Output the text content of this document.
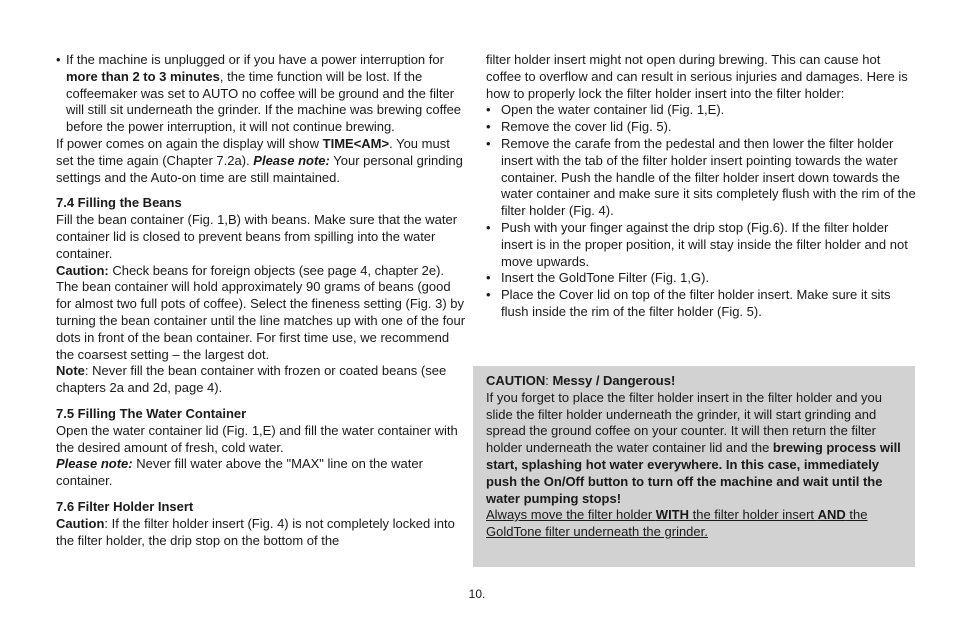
• If the machine is unplugged or if you have a power interruption for more than 2 to 3 minutes, the time function will be lost. If the coffeemaker was set to AUTO no coffee will be ground and the filter will still sit underneath the grinder. If the machine was brewing coffee before the power interruption, it will not continue brewing.

If power comes on again the display will show TIME<AM>. You must set the time again (Chapter 7.2a). Please note: Your personal grinding settings and the Auto-on time are still maintained.

7.4 Filling the Beans

Fill the bean container (Fig. 1,B) with beans. Make sure that the water container lid is closed to prevent beans from spilling into the water container.

Caution: Check beans for foreign objects (see page 4, chapter 2e). The bean container will hold approximately 90 grams of beans (good for almost two full pots of coffee). Select the fineness setting (Fig. 3) by turning the bean container until the line matches up with one of the four dots in front of the bean container. For first time use, we recommend the coarsest setting – the largest dot.

Note: Never fill the bean container with frozen or coated beans (see chapters 2a and 2d, page 4).

7.5 Filling The Water Container

Open the water container lid (Fig. 1,E) and fill the water container with the desired amount of fresh, cold water.

Please note: Never fill water above the "MAX" line on the water container.

7.6 Filter Holder Insert

Caution: If the filter holder insert (Fig. 4) is not completely locked into the filter holder, the drip stop on the bottom of the

filter holder insert might not open during brewing. This can cause hot coffee to overflow and can result in serious injuries and damages. Here is how to properly lock the filter holder insert into the filter holder:

• Open the water container lid (Fig. 1,E).
• Remove the cover lid (Fig. 5).
• Remove the carafe from the pedestal and then lower the filter holder insert with the tab of the filter holder insert pointing towards the water container. Push the handle of the filter holder insert down towards the water container and make sure it sits completely flush with the rim of the filter holder (Fig. 4).
• Push with your finger against the drip stop (Fig.6). If the filter holder insert is in the proper position, it will stay inside the filter holder and not move upwards.
• Insert the GoldTone Filter (Fig. 1,G).
• Place the Cover lid on top of the filter holder insert. Make sure it sits flush inside the rim of the filter holder (Fig. 5).

CAUTION: Messy / Dangerous!

If you forget to place the filter holder insert in the filter holder and you slide the filter holder underneath the grinder, it will start grinding and spread the ground coffee on your counter. It will then return the filter holder underneath the water container lid and the brewing process will start, splashing hot water everywhere. In this case, immediately push the On/Off button to turn off the machine and wait until the water pumping stops!

Always move the filter holder WITH the filter holder insert AND the GoldTone filter underneath the grinder.

10.
